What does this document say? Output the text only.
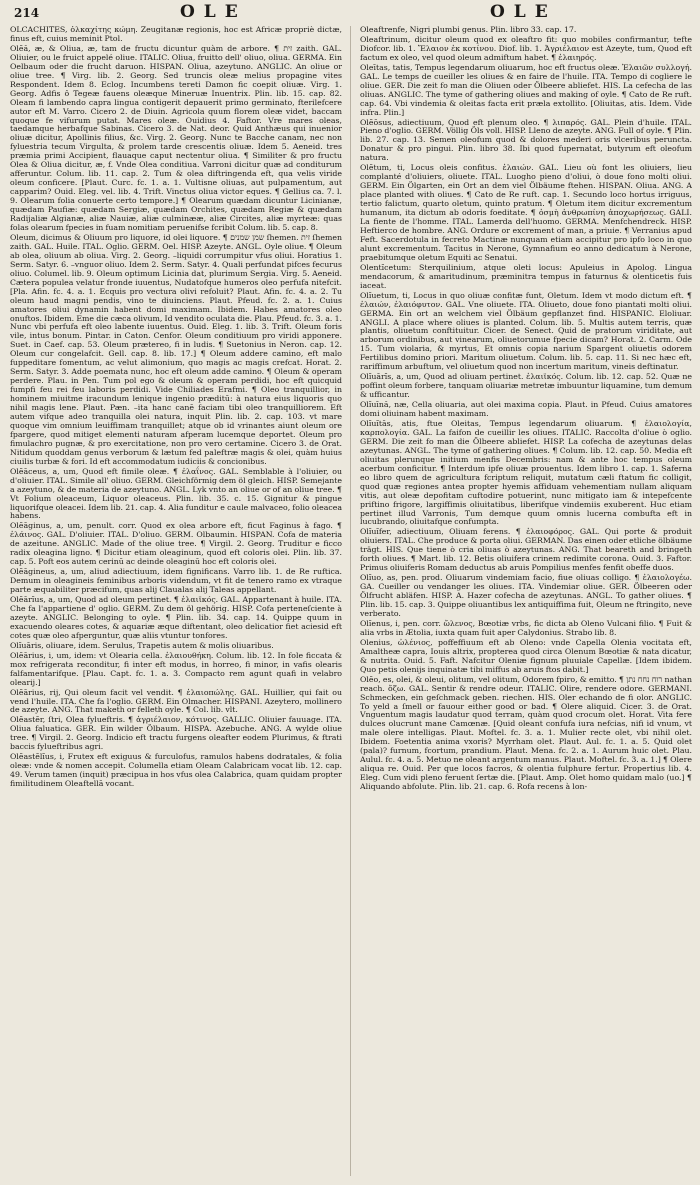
214	OLE	OLE

OLCACHITES, ὀλκαχίτης κώμη. Zeugitanæ regionis, hoc est Africæ propriè dictæ, finus eft, cuius meminit Ptol.

Olĕă, æ, & Oliua, æ, tam de fructu dicuntur quàm de arbore. ¶ זית zaith. GAL. Oliuier, ou le fruict appelé oliue. ITALIC. Oliua, fruitto dell' oliuo, oliua. GERMA. Ein Oelbaum oder die frucht daruon. HISPAN. Oliua, azeytuno. ANGLIC. An oliue or oliue tree. ¶ Virg. lib. 2. Georg. Sed truncis oleæ melius propagine vites Respondent. Idem 8. Eclog. Incumbens tereti Damon fic coepit oliuæ. Virg. 1. Georg. Adfis ô Tegeæ fauens oleæque Mineruæ Inuentrix. Plin. lib. 15. cap. 82. Oleam fi lambendo capra lingua contigerit depauerit primo germinato, fterilefcere autor eft M. Varro. Cicero 2. de Diuin. Agricola quum florem oleæ videt, baccam quoque fe vifurum putat. Mares oleæ. Ouidius 4. Faftor. Vre mares oleas, taedamque herbafque Sabinas. Cicero 3. de Nat. deor. Quid Anthæus qui inuenior oliuæ dicitur, Apollinis filius, &c. Virg. 2. Georg. Nunc te Bacche canam, nec non fyluestria tecum Virgulta, & prolem tarde crescentis oliuæ. Idem 5. Aeneid. tres præmia primi Accipient, flauaque caput nectentur oliua. ¶ Similiter & pro fructu Olea & Oliua dicitur, æ, f. Vnde Olea conditiua. Varroni dicitur quæ ad conditurum afferuntur. Colum. lib. 11. cap. 2. Tum & olea diftringenda eft, qua velis viride oleum conficere. [Plaut. Curc. fc. 1. a. 1. Vultisne oliuas, aut pulpamentum, aut capparim? Ouid. Eleg. vel. lib. 4. Trift. Vinctus oliua victor eques. ¶ Gellius ca. 7. l. 9. Olearum folia conuerte certo tempore.] ¶ Olearum quædam dicuntur Licinianæ, quædam Paufiæ: quædam Sergiæ, quædam Orchites, quædam Regiæ & quædam Radijaliæ Algianæ, aliæ Nauiæ, aliæ culminææ, aliæ Circites, aliæ myrteæ: quas folas olearum fpecies in fuam nomitiam peruenifse fcribit Colum. lib. 5. cap. 8.

Oleum, dicimus & Oliuum pro liquore, id olei liquore. ¶ שמן שמנים ſhemen. זית ſhemen zaith. GAL. Huile. ITAL. Oglio. GERM. Oel. HISP. Azeyte. ANGL. Oyle oliue. ¶ Oleum ab olea, oliuum ab oliua. Virg. 2. Georg. –liquidi corrumpitur vfus oliui. Horatius 1. Serm. Satyr. 6. –vnguor oliuo. Idem 2. Serm. Satyr. 4. Quali perfundat pifces fecurus oliuo. Columel. lib. 9. Oleum optimum Licinia dat, plurimum Sergia. Virg. 5. Aeneid. Cætera populea velatur fronde iuuentus, Nudatofque humeros oleo perfufa nitefcit. [Pla. Afin. fc. 4. a. 1. Ecquis pro vectura olivi refoluit? Plaut. Afin. fc. 4. a. 2. Tu oleum haud magni pendis, vino te diuinciens. Plaut. Pfeud. fc. 2. a. 1. Cuius amatores oliui dynamin habent domi maximam. Ibidem. Habes amatores oleo onuftos. Ibidem. Eme die cæca olivum, Id vendito oculata die. Plau. Pfeud. fc. 3. a. 1. Nunc vbi perfufa eft oleo labente iuuentus. Ouid. Eleg. 1. lib. 3. Trift. Oleum foris vile, intus bonum. Pintar. in Caton. Cenfor. Oleum conditiuum pro viridi apponere. Suet. in Caef. cap. 53. Oleum prætereo, fi in ludis. ¶ Suetonius in Neron. cap. 12. Oleum cur congelafcit. Gell. cap. 8. lib. 17.] ¶ Oleum addere camino, eft malo fuppeditare fomentum, ac velut alimonium, quo magis ac magis crefcat. Horat. 2. Serm. Satyr. 3. Adde poemata nunc, hoc eft oleum adde camino. ¶ Oleum & operam perdere. Plau. in Pen. Tum pol ego & oleum & operam perdidi, hoc eft quicquid fumpfi feu rei feu laboris perdidi. Vide Chiliades Erafmi. ¶ Oleo tranquillior, in hominem miuitme iracundum lenique ingenio præditū: à natura eius liquoris quo nihil magis lene. Plaut. Pæn. –ita hanc canē faciam tibi oleo tranquilliorem. Eft autem vifque adeo tranquilla olei natura, inquit Plin. lib. 2. cap. 103. vt mare quoque vim omnium leuiffimam tranquillet; atque ob id vrinantes aiunt oleum ore fpargere, quod mitiget elementi naturam afperam lucemque deportet. Oleum pro fimulachro pugnæ, & pro exercitatione, non pro vero certamine. Cicero 3. de Orat. Nitidum quoddam genus verborum & lætum fed paleftræ magis & olei, quàm huius ciuilis turbæ & fori. Id eft accommodatum iudiciis & concionibus.

Olĕāceus, a, um, Quod eft fimile oleæ. ¶ ἐλαΐνος. GAL. Semblable à l'oliuier, ou d'oliuier. ITAL. Simile all' oliuo. GERM. Gleichförmig dem öl gleich. HISP. Semejante a azeytuno, & de materia de azeytuno. ANGL. Lyk vnto an oliue or of an oliue tree. ¶ Vt Folium oleaceum, Liquor oleaceus. Plin. lib. 35. c. 15. Gignitur & pingue liquorifque oleacei. Idem lib. 21. cap. 4. Alia funditur e caule malvaceo, folio oleacea habens.

Olĕāginus, a, um, penult. corr. Quod ex olea arbore eft, ficut Faginus à fago. ¶ ἐλάινος. GAL. D'oliuier. ITAL. D'oliuo. GERM. Olbaumin. HISPAN. Cofa de materia de azeitune. ANGLIC. Made of the oliue tree. ¶ Virgil. 2. Georg. Truditur e ficco radix oleagina ligno. ¶ Dicitur etiam oleaginum, quod eft coloris olei. Plin. lib. 37. cap. 5. Poft eos autem cerinū ac deinde oleaginū hoc eft coloris olei.

Olĕāgineus, a, um, aliud adiectiuum, idem fignificans. Varro lib. 1. de Re ruftica. Demum in oleagineis feminibus arboris videndum, vt fit de tenero ramo ex vtraque parte æquabiliter præcifum, quas alij Claualas alij Taleas appellant.

Olĕārĭus, a, um, Quod ad oleum pertinet. ¶ ἐλαιϊκός. GAL. Appartenant à huile. ITA. Che fa l'appartiene d' oglio. GERM. Zu dem öl gehörig. HISP. Cofa perteneſciente à azeyte. ANGLIC. Belonging to oyle. ¶ Plin. lib. 34. cap. 14. Quippe quum in exacuendo oleares cotes, & aquariæ æque diftentant, oleo delicatior fiet aciesid eft cotes quæ oleo afperguntur, quæ aliis vtuntur tonfores.

Olĭuāris, oliuare, idem. Serulus, Trapetis autem & molis oliuaribus.

Olĕārius, i, um, idem: vt Olearia cella. ἐλαιουθήκη. Colum. lib. 12. In fole ficcata & mox refrigerata reconditur, fi inter eft modus, in horreo, fi minor, in vafis olearis falfamentarifque. [Plau. Capt. fc. 1. a. 3. Compacto rem agunt quafi in velabro olearij.]

Olĕārius, rij, Qui oleum facit vel vendit. ¶ ἐλαιοπώλης. GAL. Huillier, qui fait ou vend l'huile. ITA. Che fa l'oglio. GERM. Ein Olmacher. HISPANI. Azeytero, mollinero de azeyte. ANG. That maketh or felleth oyle. ¶ Col. lib. vlt.

Olĕastĕr, ſtri, Olea fylueftris. ¶ ἀγριέλαιον, κότινος. GALLIC. Oliuier fauuage. ITA. Oliua faluatica. GER. Ein wilder Ölbaum. HISPA. Azebuche. ANG. A wylde oliue tree. ¶ Virgil. 2. Georg. Indicio eft tractu furgens oleafter eodem Plurimus, & ftrati baccis fylueftribus agri.

Olĕastĕlĭus, i, Frutex eft exiguus & furculofus, ramulos habens dodratales, & folia oleæ: vnde & nomen accepit. Columella etiam Oleam Calabricam vocat lib. 12. cap. 49. Verum tamen (inquit) præcipua in hos vfus olea Calabrica, quam quidam propter fimilitudinem Oleaftellā vocant.

Oleaftrenfe, Nigri plumbi genus. Plin. libro 33. cap. 17.

Oleaftrinum, dicitur oleum quod ex oleaftro fit: quo mobiles confirmantur, tefte Diofcor. lib. 1. Ἔλαιον ἐκ κοτίνου. Diof. lib. 1. Ἀγριέλαιον est Azeyte, tum, Quod eft factum ex oleo, vel quod oleum admiftum habet. ¶ ἐλαιηρός.

Oleītas, tatis, Tempus legendarum oliuarum, hoc eft fructus oleæ. Ἐλαιῶν συλλογή. GAL. Le temps de cueiller les oliues & en faire de l'huile. ITA. Tempo di cogliere le oliue. GER. Die zeit fo man die Oliuen oder Ölbeere abliefet. HIS. La cefecha de las oliuas. ANGLIC. The tyme of gathering oliues and making of oyle. ¶ Cato de Re ruft. cap. 64. Vbi vindemia & oleitas facta erit præla extollito. [Oliuitas, atis. Idem. Vide infra. Plin.]

Olĕōsus, adiectiuum, Quod eft plenum oleo. ¶ λιπαρός. GAL. Plein d'huile. ITAL. Pieno d'oglio. GERM. Völlig Öls voll. HISP. Lleno de azeyte. ANG. Full of oyle. ¶ Plin. lib. 27. cap. 13. Semen oleofum quod & dolores mederi oris vlceribus peruncta. Donatur & pro pingui. Plin. libro 38. Ibi quod fupernatat, butyrum eft oleofum natura.

Olĕtum, ti, Locus oleis confitus. ἐλαιών. GAL. Lieu où font les oliuiers, lieu complanté d'oliuiers, oliuete. ITAL. Luogho pieno d'oliui, ò doue fono molti oliui. GERM. Ein Ölgarten, ein Ort an dem viel Ölbäume ftehen. HISPAN. Oliua. ANG. A place planted with oliues. ¶ Cato de Re ruft. cap. 1. Secundo loco hortus irriguus, tertio falictum, quarto oletum, quinto pratum. ¶ Oletum item dicitur excrementum humanum, ita dictum ab odoris foeditate. ¶ ὀσμὴ ἀνθρωπίνη ἀποχωρήσεως. GALI. La fiente de l'homme. ITAL. Lamerda dell'huomo. GERMA. Menfchendreck. HISP. Heftierco de hombre. ANG. Ordure or excrement of man, a priuie. ¶ Verranius apud Feft. Sacerdotula in fecreto Mactinæ nunquam etiam accipitur pro ipfo loco in quo alunt excrementum. Tacitus in Nerone, Gymnafium eo anno dedicatum à Nerone, praebitumque oletum Equiti ac Senatui.

Olentĭcetum: Sterquilinium, atque oleti locus: Apuleius in Apolog. Lingua mendacorum, & amaritudinum, præminitra tempus in faturnus & olenticetis fuis iaceat.

Olĭuetum, ti, Locus in quo oliuæ confitæ funt, Oletum. Idem vt modo dictum eft. ¶ ἐλαιών, ἐλαιόφυτον. GAL. Vne oliuete. ITA. Oliueto, doue fono piantati molti oliui. GERMA. Ein ort an welchem viel Ölbäum gepflanzet find. HISPANIC. Eloliuar. ANGLI. A place where oliues is planted. Colum. lib. 5. Multis autem terris, quæ plantis, oliuetum conftituitur. Cicer. de Senect. Quid de pratorum viriditate, aut arborum ordinibus, aut vinearum, oliuetorumue fpecie dicam? Horat. 2. Carm. Ode 15. Tum violaria, & myrtus, Et omnis copia narium Spargent oliuetis odorem Fertilibus domino priori. Maritum oliuetum. Colum. lib. 5. cap. 11. Si nec hæc eft, rariffimum arbuftum, vel oliuetum quod non incertum maritum, vineis deftinatur.

Olĭuārĭs, a, um, Quod ad oliuam pertinet. ἐλαιϊκός. Colum. lib. 12. cap. 52. Quæ ne poffint oleum forbere, tanquam oliuariæ metretæ imbuuntur liquamine, tum demum & ufficantur.

Olĭuīnă, næ, Cella oliuaria, aut olei maxima copia. Plaut. in Pfeud. Cuius amatores domi oliuinam habent maximam.

Olĭuĭtās, atis, ftue Oleitas, Tempus legendarum oliuarum. ¶ ἐλαιολογία, καρπολογία. GAL. La faifon de cueillir les oliues. ITALIC. Raccolta d'oliue ò oglio. GERM. Die zeit fo man die Ölbeere abliefet. HISP. La cofecha de azeytunas delas azeytunas. ANGL. The tyme of gathering oliues. ¶ Colum. lib. 12. cap. 50. Media eft oliuitas plerunque initium menfis Decembris: nam & ante hoc tempus oleum acerbum conficitur. ¶ Interdum ipfe oliuæ prouentus. Idem libro 1. cap. 1. Saferna eo libro quem de agricultura fcriptum reliquit, mutatum cæli ftatum fic colligit, quod quæ regiones antea propter hyemis affiduam vehementiam nullam aliquam vitis, aut oleæ depofitam cuftodire potuerint, nunc mitigato iam & intepefcente priftino frigore, largiffimis oliuitatibus, liberifque vindemiis exuberent. Huc etiam pertinet illud Varronis, Tum demque quum omnis lucerna combufta eft in lucubrando, oliuitafque confumpta.

Olĭuĭfer, adiectiuum, Oliuam ferens. ¶ ἐλαιοφόρος. GAL. Qui porte & produit oliuiers. ITAL. Che produce & porta oliui. GERMAN. Das einen oder etliche ölbäume trägt. HIS. Que tiene ò cria oliuas ò azeytunas. ANG. That beareth and bringeth forth oliues. ¶ Mart. lib. 12. Betis oliuifera crinem redimite corona. Ouid. 3. Faftor. Primus oliuiferis Romam deductus ab aruis Pompilius menfes fenfit obeffe duos.

Olĭuo, as, pen. prod. Oliuarum vindemiam facio, fiue oliuas colligo. ¶ ἐλαιολογέω. GA. Cueiller ou vendanger les oliues. ITA. Vindemiar oliue. GER. Ölbeeren oder Ölfrucht abläfen. HISP. A. Hazer cofecha de azeytunas. ANGL. To gather oliues. ¶ Plin. lib. 15. cap. 3. Quippe oliuantibus lex antiquiffima fuit, Oleum ne ftringito, neve verberato.

Olĭenus, i, pen. corr. ὤλενος, Bœotiæ vrbs, fic dicta ab Oleno Vulcani filio. ¶ Fuit & alia vrbs in Ætolia, iuxta quam fuit aper Calydonius. Strabo lib. 8.

Olenius, ὠλένιος, poffeffiuum eft ab Oleno: vnde Capella Olenia vocitata eft, Amaltheæ capra, Iouis altrix, propterea quod circa Olenum Bœotiæ & nata dicatur, & nutrita. Ouid. 5. Faft. Nafcitur Oleniæ fignum pluuiale Capellæ. [Idem ibidem. Quo petis olenijs inquinatæ tibi miffus ab aruis ftos dabit.]

Olĕo, es, olei, & oleui, olitum, vel olitum, Odorem fpiro, & emitto. ¶ רוח נחח נתן nathan reach. ὄζω. GAL. Sentir & rendre odeur. ITALIC. Olire, rendere odore. GERMANI. Schmecken, ein geſchmack geben. riechen. HIS. Oler echando de fi olor. ANGLIC. To yeld a ſmell or fauour either good or bad. ¶ Olere aliquid. Cicer. 3. de Orat. Vnguentum magis laudatur quod terram, quàm quod crocum olet. Horat. Vita fere dulces olucrunt mane Camœnæ. [Quid oleant confufa iura nefcias, nifi id vnum, vt male olere intelligas. Plaut. Moftel. fc. 3. a. 1. Mulier recte olet, vbi nihil olet. Ibidem. Foetentia anima vxoris? Myrrham olet. Plaut. Aul. fc. 1. a. 5. Quid olet (pala)? furnum, fcortum, prandium. Plaut. Mena. fc. 2. a. 1. Aurum huic olet. Plau. Aulul. fc. 4. a. 5. Metuo ne oleant argentum manus. Plaut. Moftel. fc. 3. a. 1.] ¶ Olere aliqua re. Ouid. Per que locos facros, & olentia fulphure fertur. Propertius lib. 4. Eleg. Cum vidi pleno feruent ſertæ die. [Plaut. Amp. Olet homo quidam malo (uo.] ¶ Aliquando abfolute. Plin. lib. 21. cap. 6. Rofa recens à lon-
